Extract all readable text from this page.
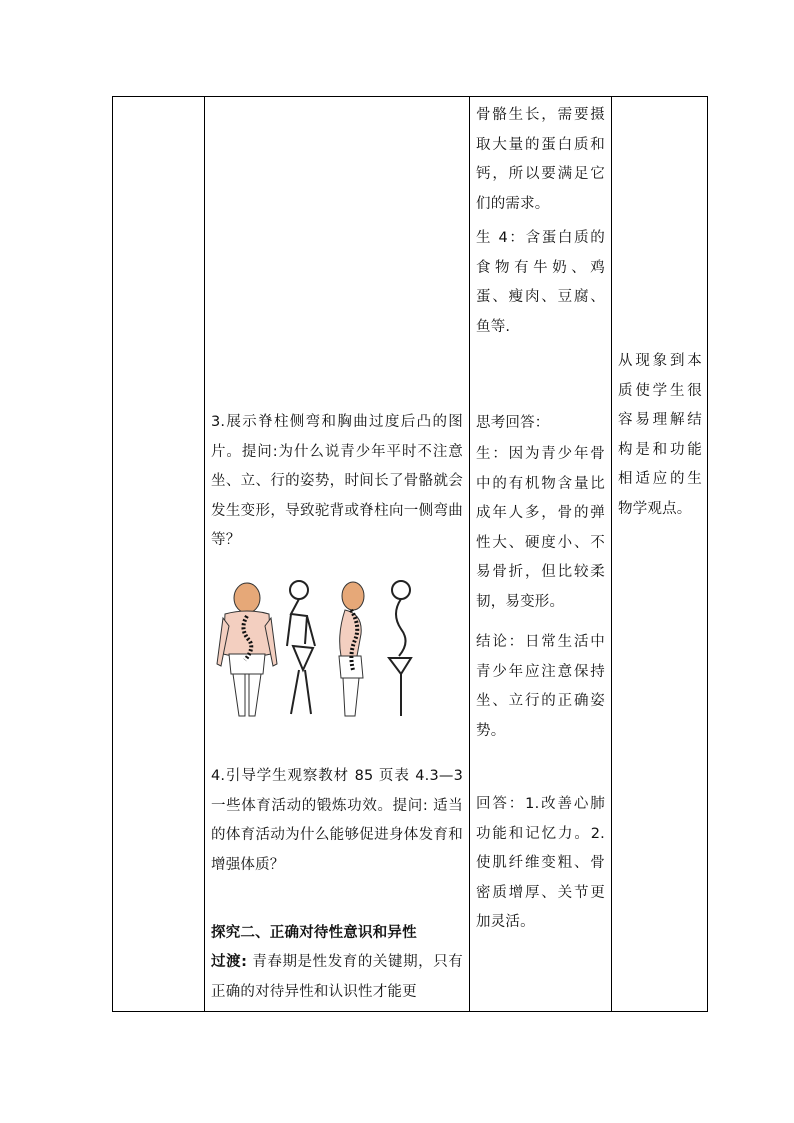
3.展示脊柱侧弯和胸曲过度后凸的图片。提问:为什么说青少年平时不注意坐、立、行的姿势，时间长了骨骼就会发生变形，导致驼背或脊柱向一侧弯曲等？

4.引导学生观察教材 85 页表 4.3—3 一些体育活动的锻炼功效。提问: 适当的体育活动为什么能够促进身体发育和增强体质？

探究二、正确对待性意识和异性

过渡: 青春期是性发育的关键期，只有正确的对待异性和认识性才能更

骨骼生长，需要摄取大量的蛋白质和钙，所以要满足它们的需求。

生 4：含蛋白质的食物有牛奶、鸡蛋、瘦肉、豆腐、鱼等.

思考回答：

生：因为青少年骨中的有机物含量比成年人多，骨的弹性大、硬度小、不易骨折，但比较柔韧，易变形。

结论：日常生活中青少年应注意保持坐、立行的正确姿势。

回答：1.改善心肺功能和记忆力。2.使肌纤维变粗、骨密质增厚、关节更加灵活。

从现象到本质使学生很容易理解结构是和功能相适应的生物学观点。
